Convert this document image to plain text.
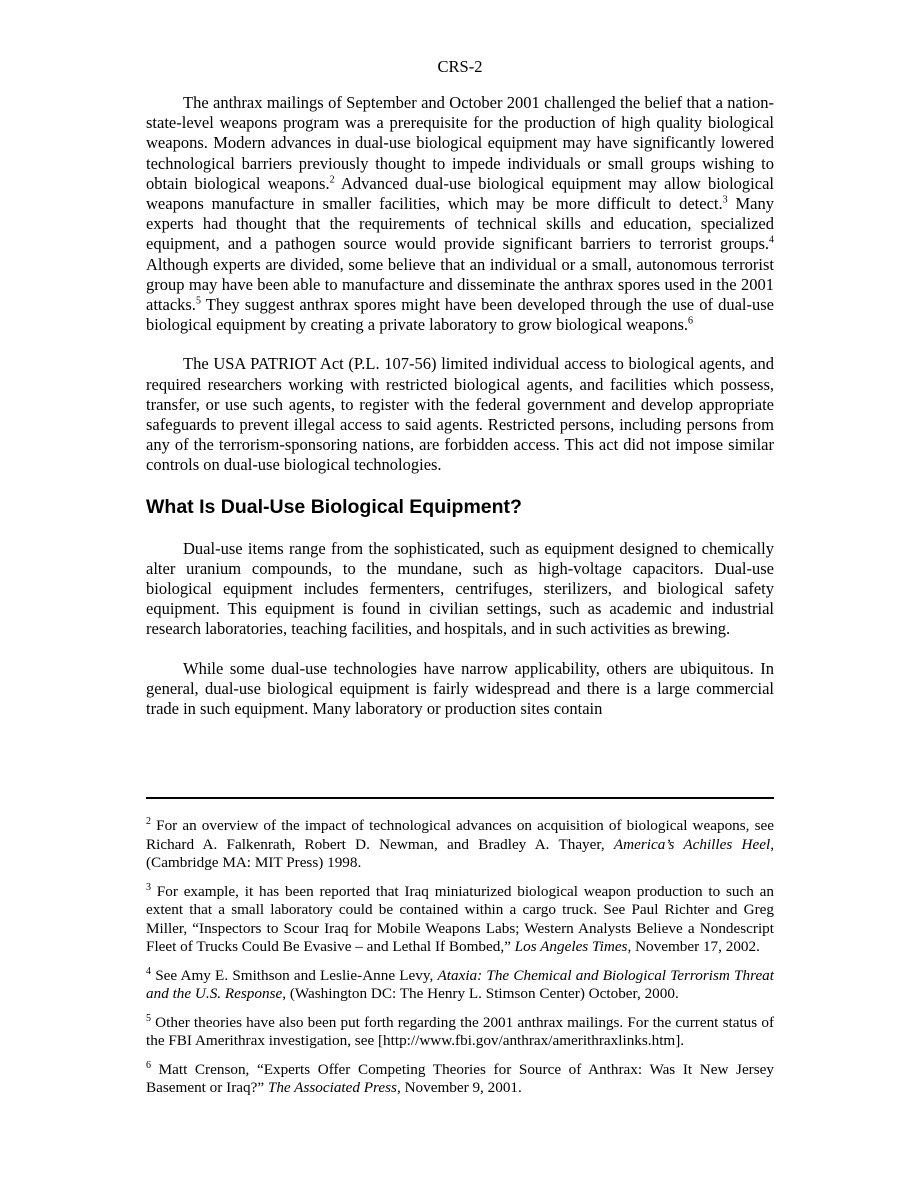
CRS-2

The anthrax mailings of September and October 2001 challenged the belief that a nation-state-level weapons program was a prerequisite for the production of high quality biological weapons. Modern advances in dual-use biological equipment may have significantly lowered technological barriers previously thought to impede individuals or small groups wishing to obtain biological weapons.$^2$ Advanced dual-use biological equipment may allow biological weapons manufacture in smaller facilities, which may be more difficult to detect.$^3$ Many experts had thought that the requirements of technical skills and education, specialized equipment, and a pathogen source would provide significant barriers to terrorist groups.$^4$ Although experts are divided, some believe that an individual or a small, autonomous terrorist group may have been able to manufacture and disseminate the anthrax spores used in the 2001 attacks.$^5$ They suggest anthrax spores might have been developed through the use of dual-use biological equipment by creating a private laboratory to grow biological weapons.$^6$

The USA PATRIOT Act (P.L. 107-56) limited individual access to biological agents, and required researchers working with restricted biological agents, and facilities which possess, transfer, or use such agents, to register with the federal government and develop appropriate safeguards to prevent illegal access to said agents. Restricted persons, including persons from any of the terrorism-sponsoring nations, are forbidden access. This act did not impose similar controls on dual-use biological technologies.

What Is Dual-Use Biological Equipment?

Dual-use items range from the sophisticated, such as equipment designed to chemically alter uranium compounds, to the mundane, such as high-voltage capacitors. Dual-use biological equipment includes fermenters, centrifuges, sterilizers, and biological safety equipment. This equipment is found in civilian settings, such as academic and industrial research laboratories, teaching facilities, and hospitals, and in such activities as brewing.

While some dual-use technologies have narrow applicability, others are ubiquitous. In general, dual-use biological equipment is fairly widespread and there is a large commercial trade in such equipment. Many laboratory or production sites contain

$^2$ For an overview of the impact of technological advances on acquisition of biological weapons, see Richard A. Falkenrath, Robert D. Newman, and Bradley A. Thayer, America’s Achilles Heel, (Cambridge MA: MIT Press) 1998.

$^3$ For example, it has been reported that Iraq miniaturized biological weapon production to such an extent that a small laboratory could be contained within a cargo truck. See Paul Richter and Greg Miller, “Inspectors to Scour Iraq for Mobile Weapons Labs; Western Analysts Believe a Nondescript Fleet of Trucks Could Be Evasive – and Lethal If Bombed,” Los Angeles Times, November 17, 2002.

$^4$ See Amy E. Smithson and Leslie-Anne Levy, Ataxia: The Chemical and Biological Terrorism Threat and the U.S. Response, (Washington DC: The Henry L. Stimson Center) October, 2000.

$^5$ Other theories have also been put forth regarding the 2001 anthrax mailings. For the current status of the FBI Amerithrax investigation, see [http://www.fbi.gov/anthrax/amerithraxlinks.htm].

$^6$ Matt Crenson, “Experts Offer Competing Theories for Source of Anthrax: Was It New Jersey Basement or Iraq?” The Associated Press, November 9, 2001.
